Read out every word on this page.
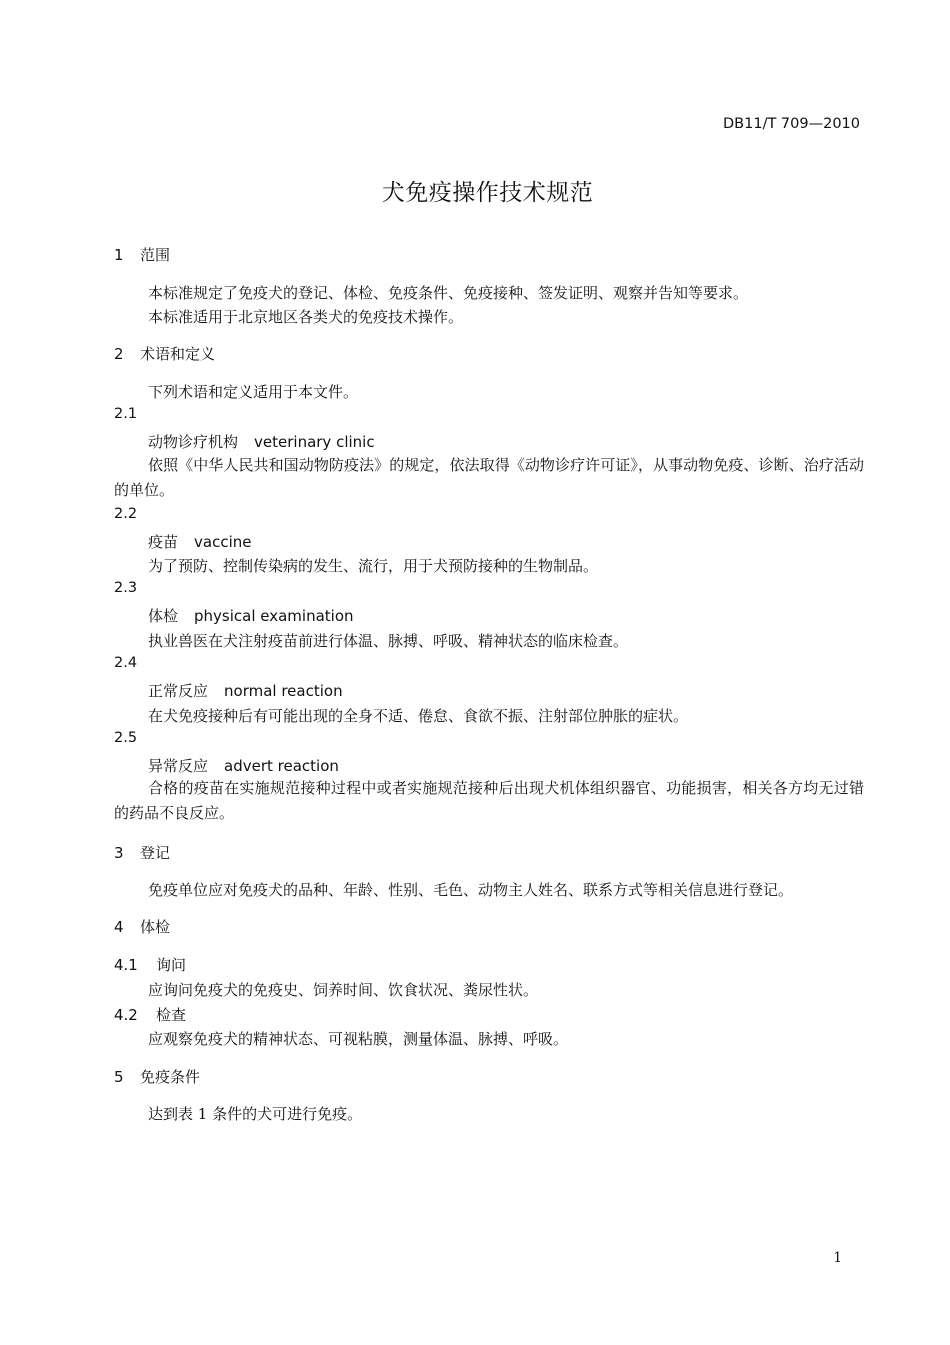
DB11/T 709—2010
犬免疫操作技术规范
1 范围
本标准规定了免疫犬的登记、体检、免疫条件、免疫接种、签发证明、观察并告知等要求。
本标准适用于北京地区各类犬的免疫技术操作。
2 术语和定义
下列术语和定义适用于本文件。
2.1
动物诊疗机构 veterinary clinic
依照《中华人民共和国动物防疫法》的规定，依法取得《动物诊疗许可证》，从事动物免疫、诊断、治疗活动的单位。
2.2
疫苗 vaccine
为了预防、控制传染病的发生、流行，用于犬预防接种的生物制品。
2.3
体检 physical examination
执业兽医在犬注射疫苗前进行体温、脉搏、呼吸、精神状态的临床检查。
2.4
正常反应 normal reaction
在犬免疫接种后有可能出现的全身不适、倦怠、食欲不振、注射部位肿胀的症状。
2.5
异常反应 advert reaction
合格的疫苗在实施规范接种过程中或者实施规范接种后出现犬机体组织器官、功能损害，相关各方均无过错的药品不良反应。
3 登记
免疫单位应对免疫犬的品种、年龄、性别、毛色、动物主人姓名、联系方式等相关信息进行登记。
4 体检
4.1 询问
应询问免疫犬的免疫史、饲养时间、饮食状况、粪尿性状。
4.2 检查
应观察免疫犬的精神状态、可视粘膜，测量体温、脉搏、呼吸。
5 免疫条件
达到表 1 条件的犬可进行免疫。
1
